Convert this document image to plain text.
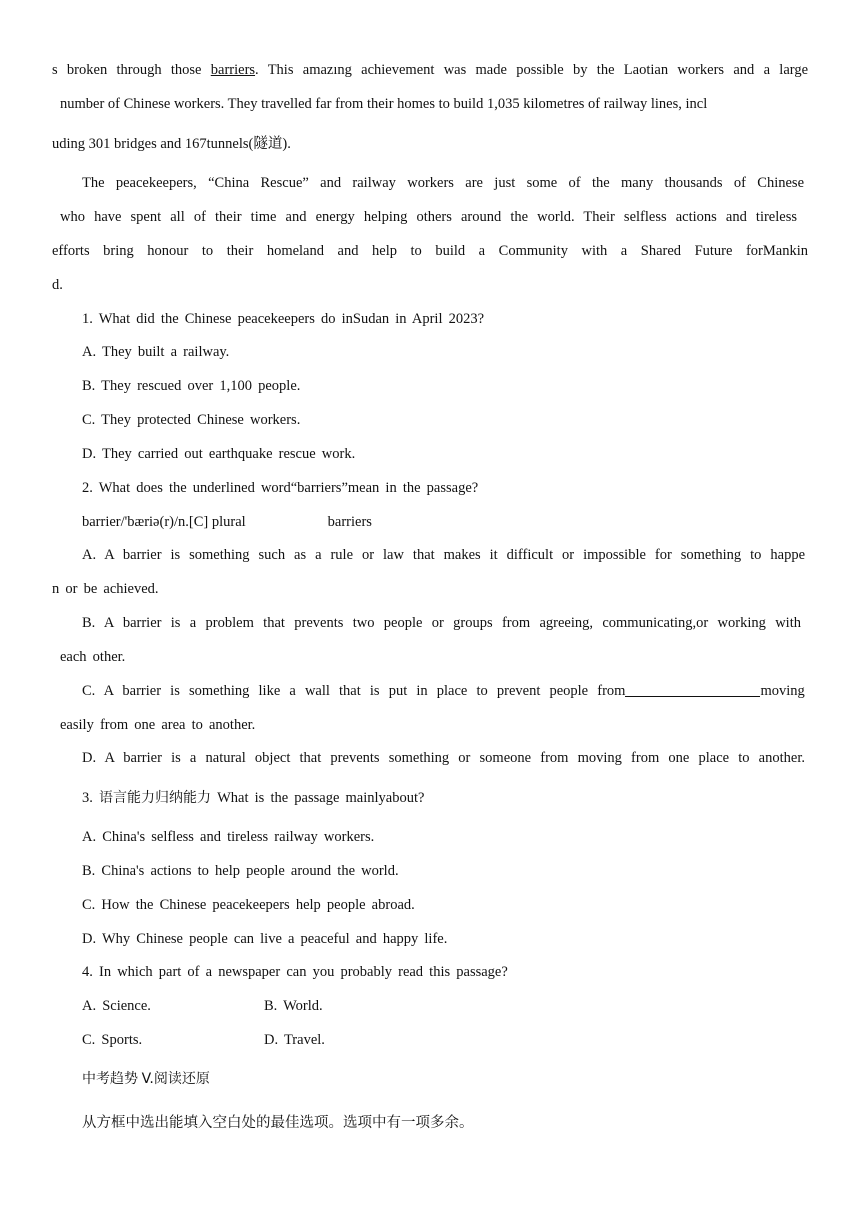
s broken through those barriers. This amazıng achievement was made possible by the Laotian workers and a large
number of Chinese workers. They travelled far from their homes to build 1,035 kilometres of railway lines, incl
uding 301 bridges and 167tunnels(隧道).
The peacekeepers, “China Rescue” and railway workers are just some of the many thousands of Chinese
who have spent all of their time and energy helping others around the world. Their selfless actions and tireless
efforts bring honour to their homeland and help to build a Community with a Shared Future forMankin
d.
1. What did the Chinese peacekeepers do inSudan in April 2023?
A. They built a railway.
B. They rescued over 1,100 people.
C. They protected Chinese workers.
D. They carried out earthquake rescue work.
2. What does the underlined word“barriers”mean in the passage?
barrier/'bæriə(r)/n.[C] plural	barriers
A. A barrier is something such as a rule or law that makes it difficult or impossible for something to happe
n or be achieved.
B. A barrier is a problem that prevents two people or groups from agreeing, communicating,or working with
each other.
C. A barrier is something like a wall that is put in place to prevent people from	moving
easily from one area to another.
D. A barrier is a natural object that prevents something or someone from moving from one place to another.
3. 语言能力归纳能力 What is the passage mainlyabout?
A. China's selfless and tireless railway workers.
B. China's actions to help people around the world.
C. How the Chinese peacekeepers help people abroad.
D. Why Chinese people can live a peaceful and happy life.
4. In which part of a newspaper can you probably read this passage?
A. Science.	B. World.
C. Sports.	D. Travel.
中考趋势 V.阅读还原
从方框中选出能填入空白处的最佳选项。选项中有一项多余。
